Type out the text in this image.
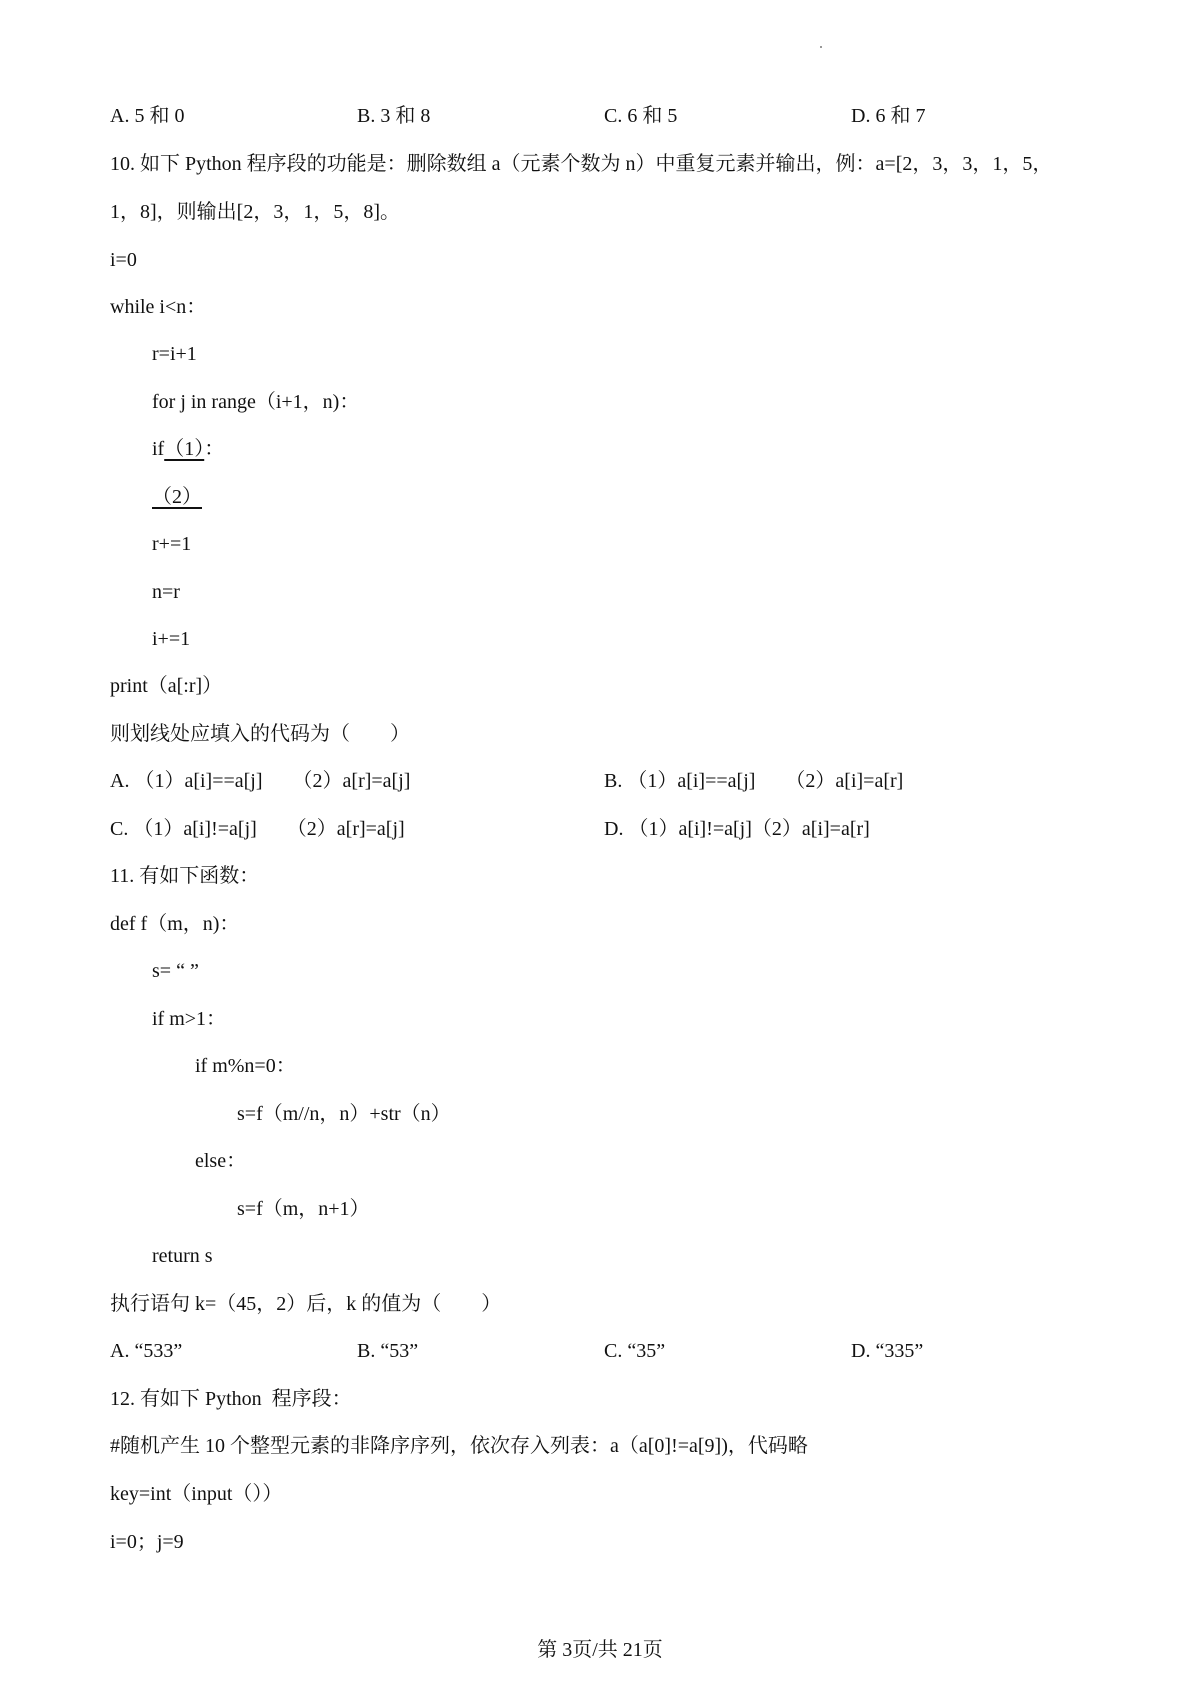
A. 5 和 0	B. 3 和 8	C. 6 和 5	D. 6 和 7
10. 如下 Python 程序段的功能是：删除数组 a（元素个数为 n）中重复元素并输出，例：a=[2，3，3，1，5，
1，8]，则输出[2，3，1，5，8]。
i=0
while i<n：
r=i+1
for j in range（i+1，n)：
if（1）：
（2）
r+=1
n=r
i+=1
print（a[:r]）
则划线处应填入的代码为（　　）
A. （1）a[i]==a[j] （2）a[r]=a[j]	B. （1）a[i]==a[j] （2）a[i]=a[r]
C. （1）a[i]!=a[j] （2）a[r]=a[j]	D. （1）a[i]!=a[j]（2）a[i]=a[r]
11. 有如下函数：
def f（m，n)：
s= “ ”
if m>1：
if m%n=0：
s=f（m//n，n）+str（n）
else：
s=f（m，n+1）
return s
执行语句 k=（45，2）后，k 的值为（　　）
A. “533”	B. “53”	C. “35”	D. “335”
12. 有如下 Python  程序段：
#随机产生 10 个整型元素的非降序序列，依次存入列表：a（a[0]!=a[9])，代码略
key=int（input（））
i=0；j=9
第 3页/共 21页
